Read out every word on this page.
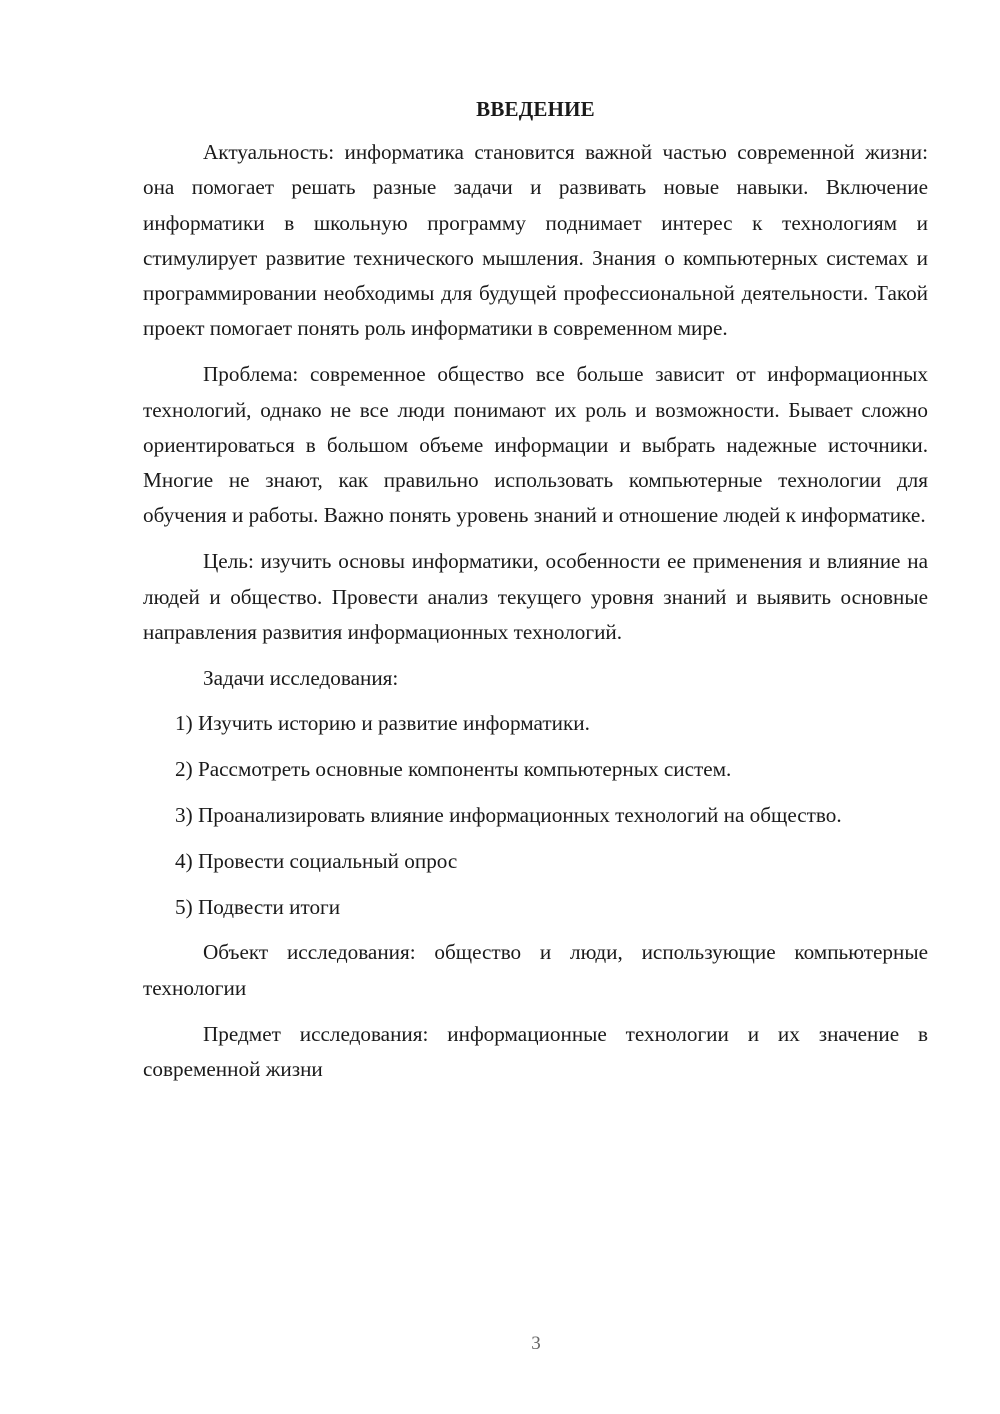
ВВЕДЕНИЕ

Актуальность: информатика становится важной частью современной жизни: она помогает решать разные задачи и развивать новые навыки. Включение информатики в школьную программу поднимает интерес к технологиям и стимулирует развитие технического мышления. Знания о компьютерных системах и программировании необходимы для будущей профессиональной деятельности. Такой проект помогает понять роль информатики в современном мире.

Проблема: современное общество все больше зависит от информационных технологий, однако не все люди понимают их роль и возможности. Бывает сложно ориентироваться в большом объеме информации и выбрать надежные источники. Многие не знают, как правильно использовать компьютерные технологии для обучения и работы. Важно понять уровень знаний и отношение людей к информатике.

Цель: изучить основы информатики, особенности ее применения и влияние на людей и общество. Провести анализ текущего уровня знаний и выявить основные направления развития информационных технологий.

Задачи исследования:

1) Изучить историю и развитие информатики.

2) Рассмотреть основные компоненты компьютерных систем.

3) Проанализировать влияние информационных технологий на общество.

4) Провести социальный опрос

5) Подвести итоги

Объект исследования: общество и люди, использующие компьютерные технологии

Предмет исследования: информационные технологии и их значение в современной жизни

3
